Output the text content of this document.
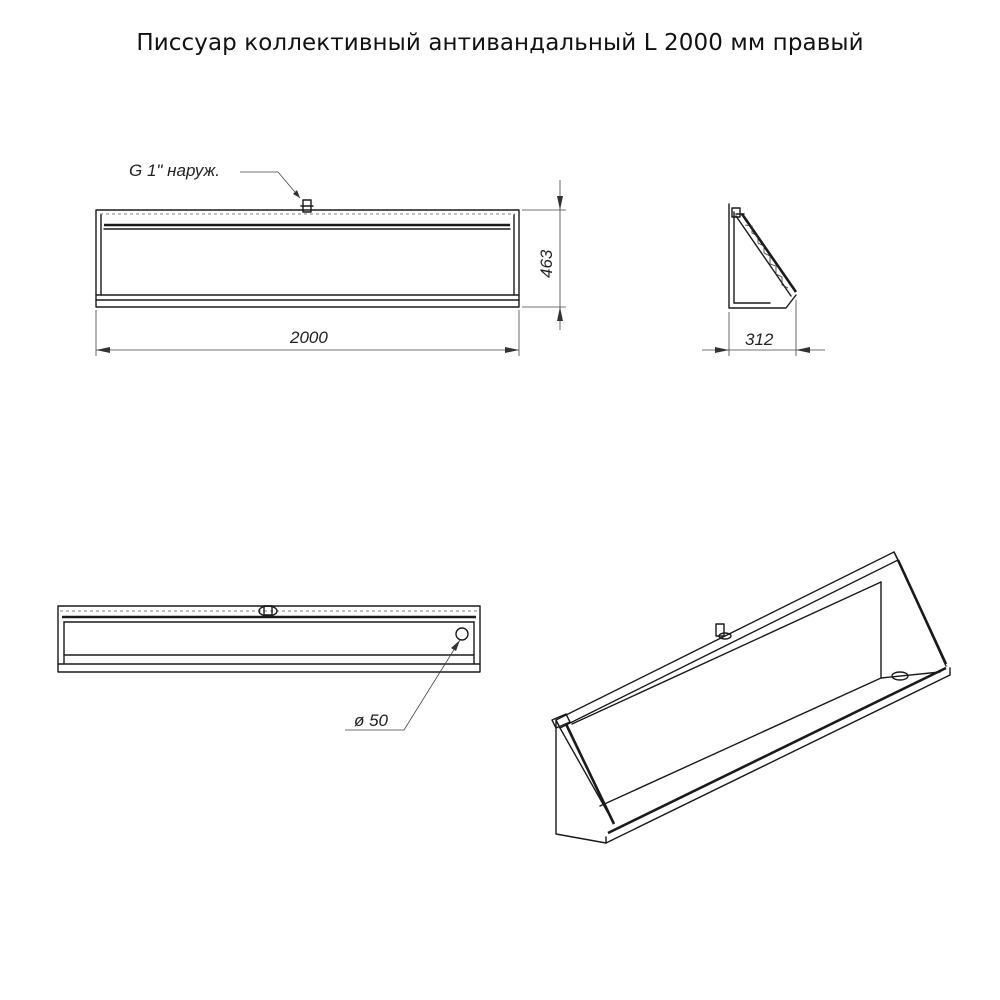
Писсуар коллективный антивандальный L 2000 мм правый
G 1" наруж.
2000
463
312
ø 50
